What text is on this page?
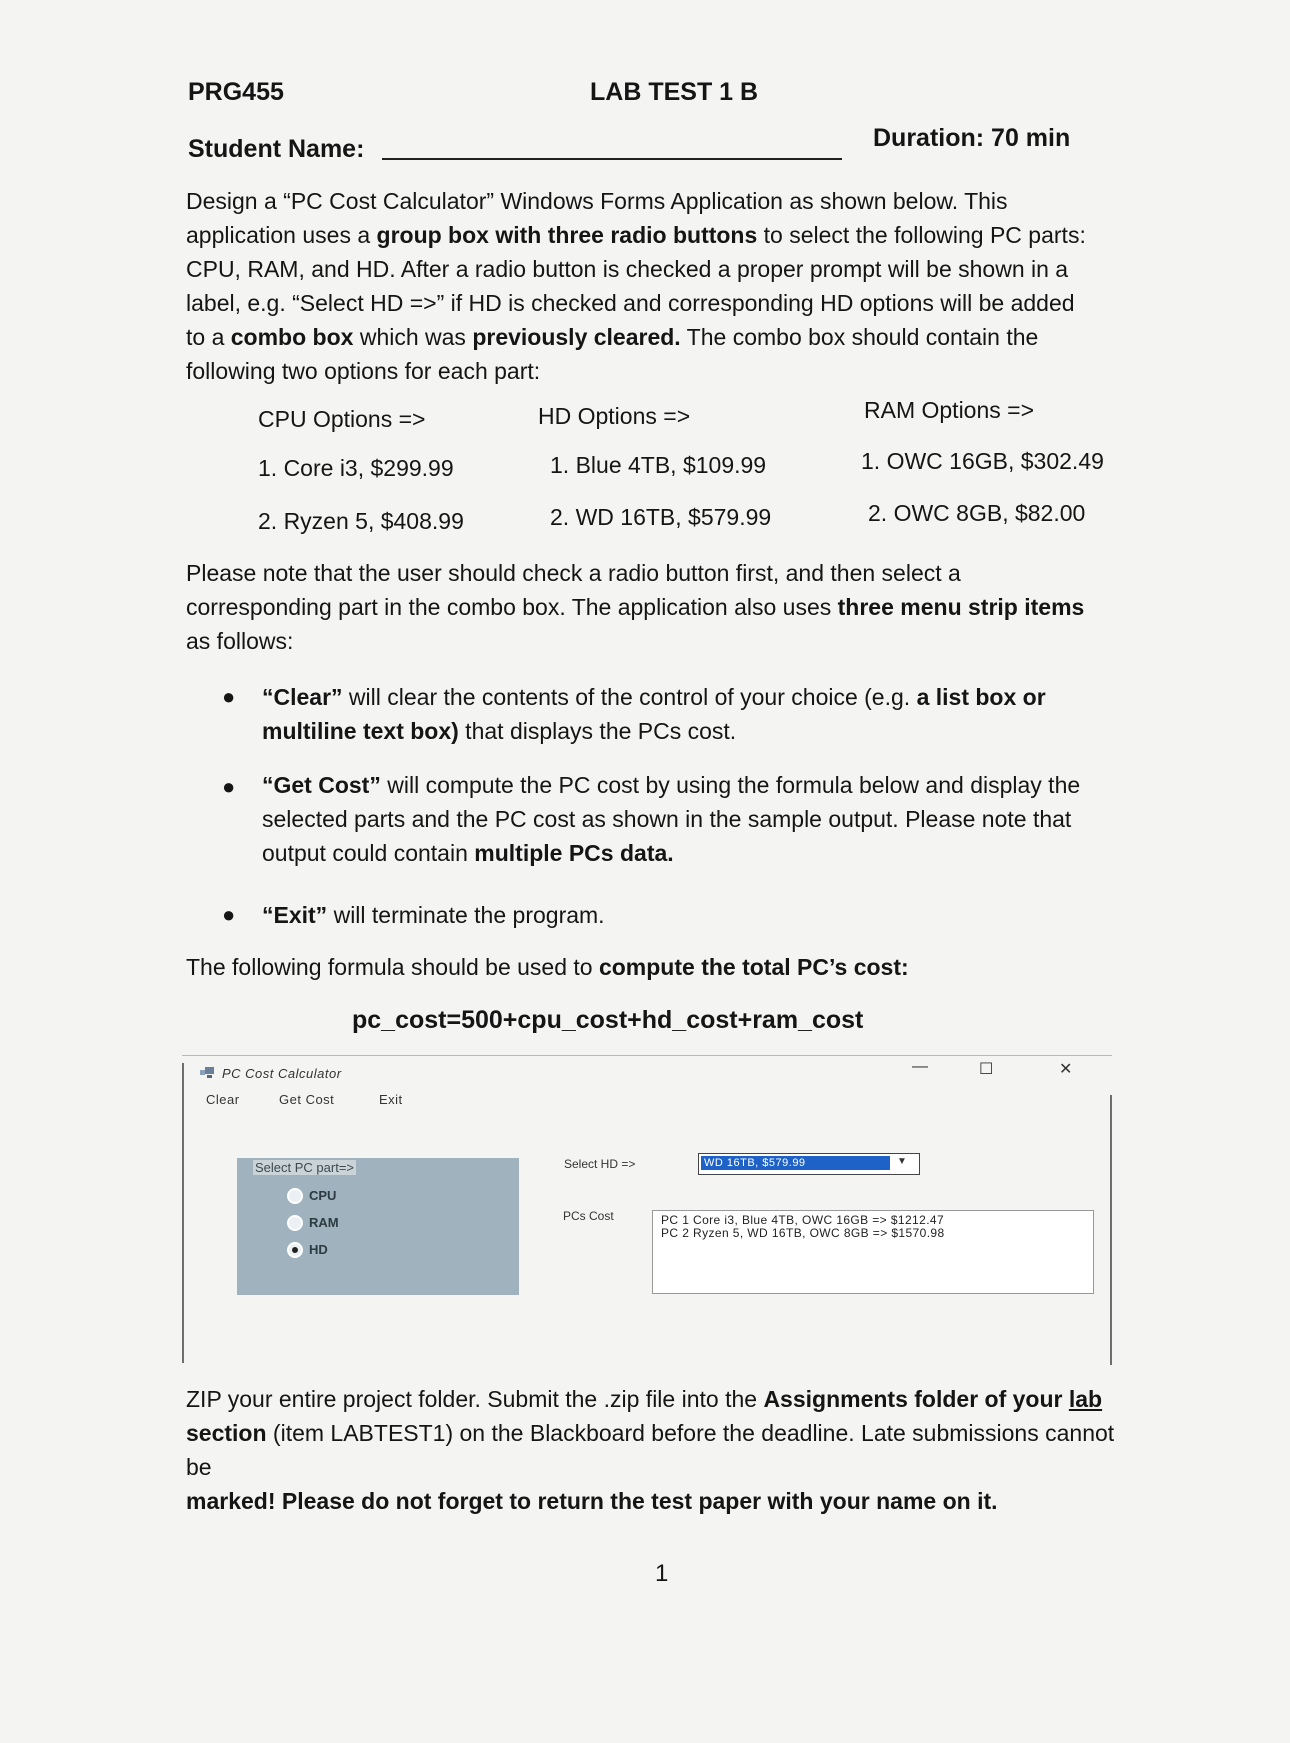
PRG455	LAB TEST 1 B
Student Name:	Duration: 70 min
Design a “PC Cost Calculator” Windows Forms Application as shown below. This
application uses a group box with three radio buttons to select the following PC parts:
CPU, RAM, and HD. After a radio button is checked a proper prompt will be shown in a
label, e.g. “Select HD =>” if HD is checked and corresponding HD options will be added
to a combo box which was previously cleared. The combo box should contain the
following two options for each part:
CPU Options =>	HD Options =>	RAM Options =>
1. Core i3, $299.99	1. Blue 4TB, $109.99	1. OWC 16GB, $302.49
2. Ryzen 5, $408.99	2. WD 16TB, $579.99	2. OWC 8GB, $82.00
Please note that the user should check a radio button first, and then select a
corresponding part in the combo box. The application also uses three menu strip items
as follows:
● “Clear” will clear the contents of the control of your choice (e.g. a list box or
multiline text box) that displays the PCs cost.
● “Get Cost” will compute the PC cost by using the formula below and display the
selected parts and the PC cost as shown in the sample output. Please note that
output could contain multiple PCs data.
● “Exit” will terminate the program.
The following formula should be used to compute the total PC’s cost:
pc_cost=500+cpu_cost+hd_cost+ram_cost
PC Cost Calculator	—	☐	✕
Clear	Get Cost	Exit
Select PC part=>
CPU
RAM
HD
Select HD =>	WD 16TB, $579.99	▼
PCs Cost	PC 1 Core i3, Blue 4TB, OWC 16GB => $1212.47
PC 2 Ryzen 5, WD 16TB, OWC 8GB => $1570.98
ZIP your entire project folder. Submit the .zip file into the Assignments folder of your lab
section (item LABTEST1) on the Blackboard before the deadline. Late submissions cannot be
marked! Please do not forget to return the test paper with your name on it.
1
